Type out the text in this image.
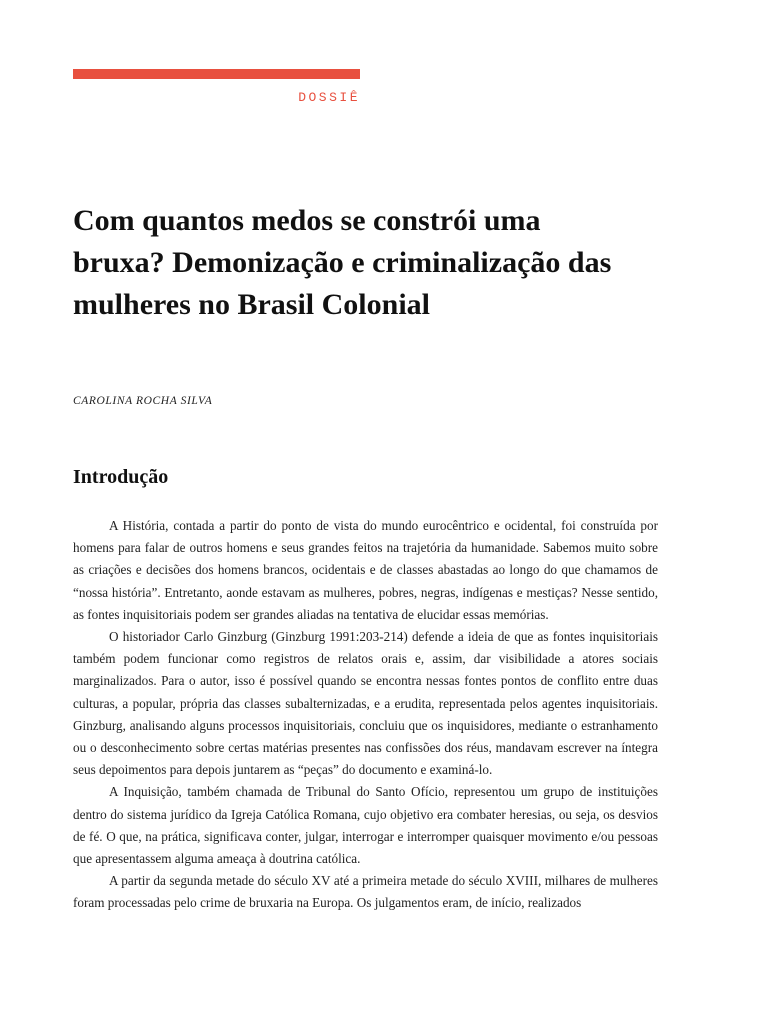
DOSSIÊ
Com quantos medos se constrói uma bruxa? Demonização e criminalização das mulheres no Brasil Colonial
CAROLINA ROCHA SILVA
Introdução

A História, contada a partir do ponto de vista do mundo eurocêntrico e ocidental, foi construída por homens para falar de outros homens e seus grandes feitos na trajetória da humanidade. Sabemos muito sobre as criações e decisões dos homens brancos, ocidentais e de classes abastadas ao longo do que chamamos de “nossa história”. Entretanto, aonde estavam as mulheres, pobres, negras, indígenas e mestiças? Nesse sentido, as fontes inquisitoriais podem ser grandes aliadas na tentativa de elucidar essas memórias.

O historiador Carlo Ginzburg (Ginzburg 1991:203-214) defende a ideia de que as fontes inquisitoriais também podem funcionar como registros de relatos orais e, assim, dar visibilidade a atores sociais marginalizados. Para o autor, isso é possível quando se encontra nessas fontes pontos de conflito entre duas culturas, a popular, própria das classes subalternizadas, e a erudita, representada pelos agentes inquisitoriais. Ginzburg, analisando alguns processos inquisitoriais, concluiu que os inquisidores, mediante o estranhamento ou o desconhecimento sobre certas matérias presentes nas confissões dos réus, mandavam escrever na íntegra seus depoimentos para depois juntarem as “peças” do documento e examiná-lo.

A Inquisição, também chamada de Tribunal do Santo Ofício, representou um grupo de instituições dentro do sistema jurídico da Igreja Católica Romana, cujo objetivo era combater heresias, ou seja, os desvios de fé. O que, na prática, significava conter, julgar, interrogar e interromper quaisquer movimento e/ou pessoas que apresentassem alguma ameaça à doutrina católica.

A partir da segunda metade do século XV até a primeira metade do século XVIII, milhares de mulheres foram processadas pelo crime de bruxaria na Europa. Os julgamentos eram, de início, realizados
